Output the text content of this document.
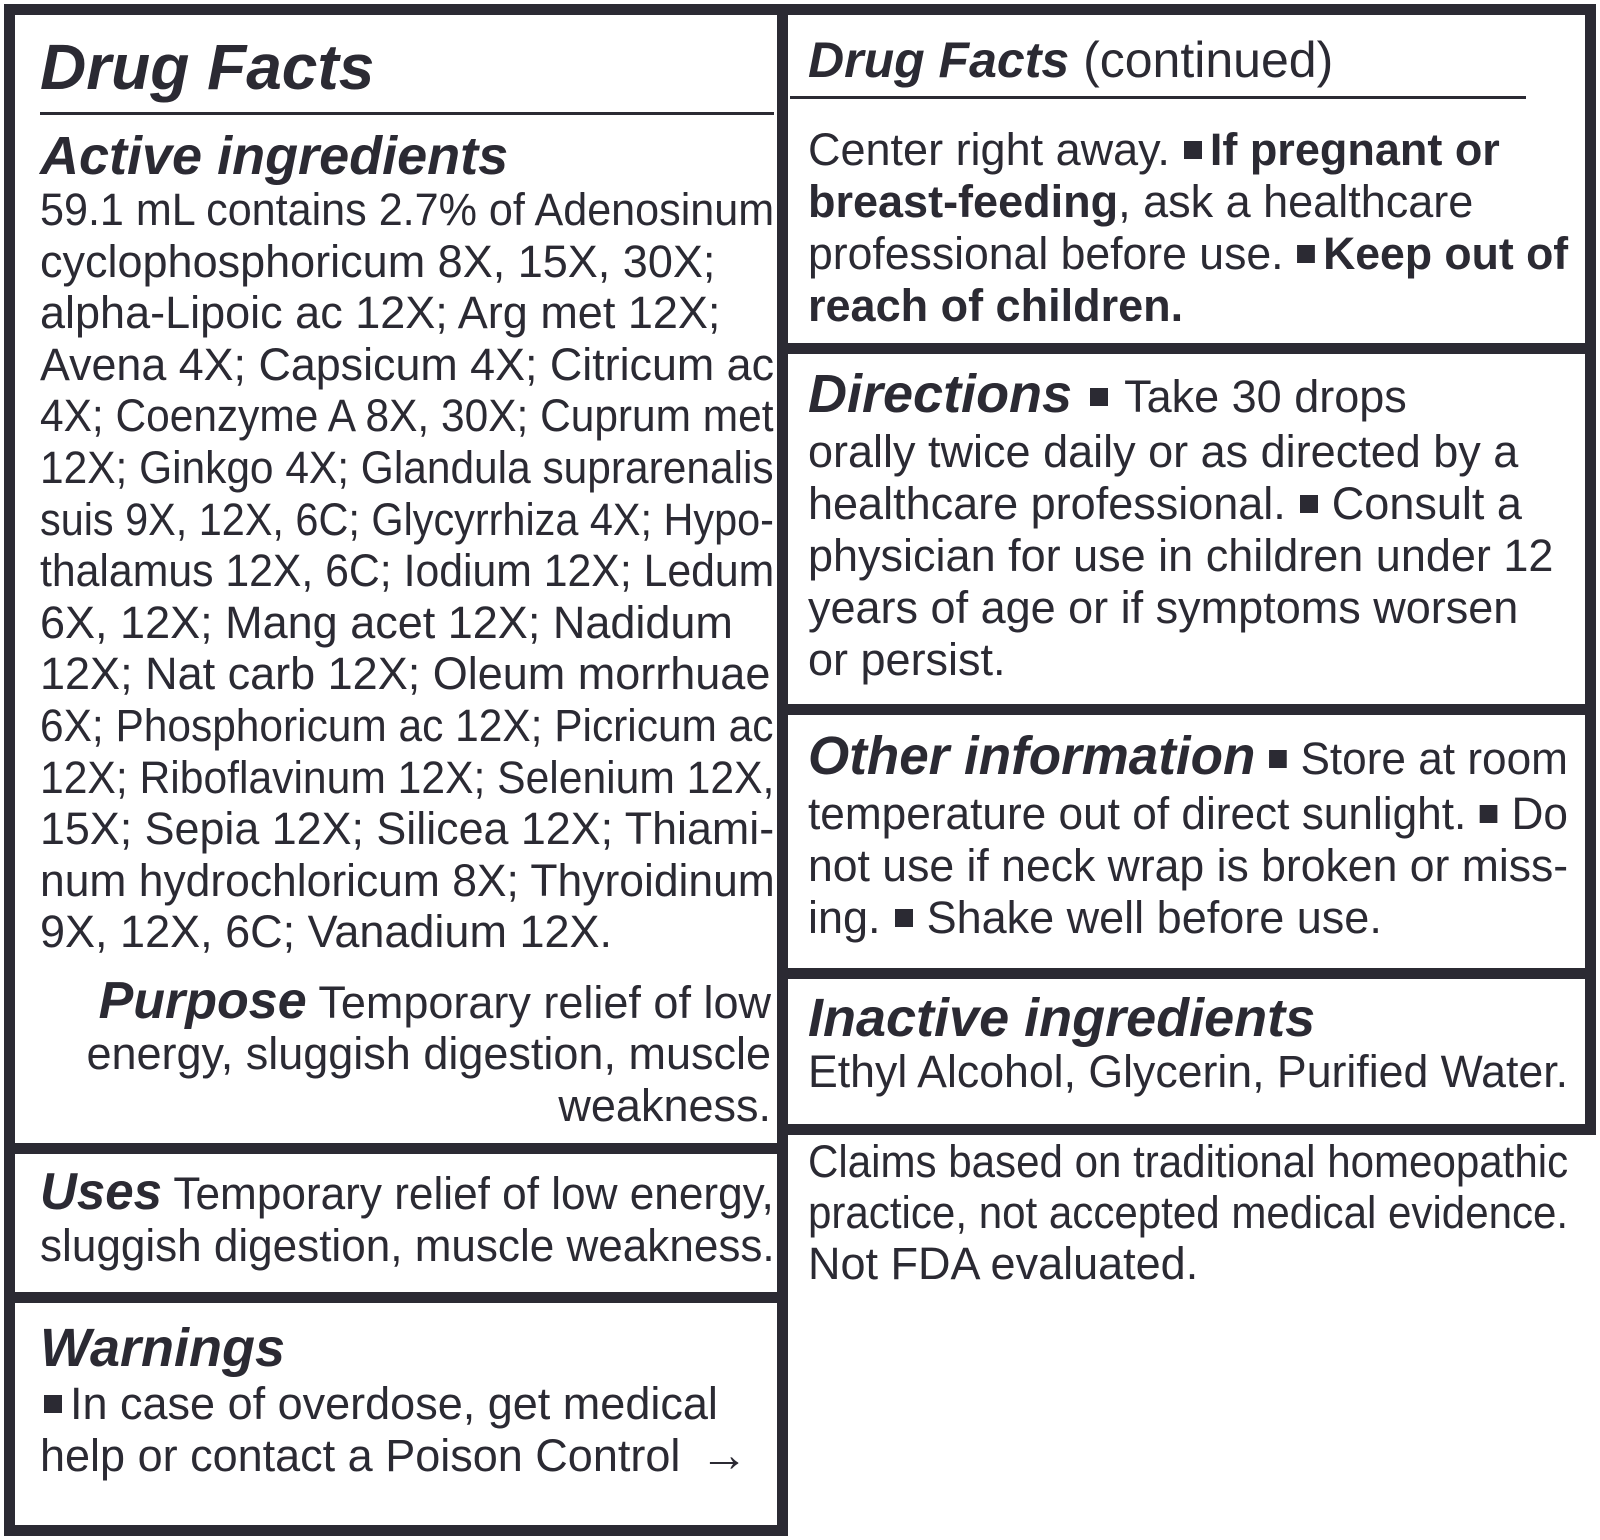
Drug Facts
Active ingredients
59.1 mL contains 2.7% of Adenosinum
cyclophosphoricum 8X, 15X, 30X;
alpha-Lipoic ac 12X; Arg met 12X;
Avena 4X; Capsicum 4X; Citricum ac
4X; Coenzyme A 8X, 30X; Cuprum met
12X; Ginkgo 4X; Glandula suprarenalis
suis 9X, 12X, 6C; Glycyrrhiza 4X; Hypo-
thalamus 12X, 6C; Iodium 12X; Ledum
6X, 12X; Mang acet 12X; Nadidum
12X; Nat carb 12X; Oleum morrhuae
6X; Phosphoricum ac 12X; Picricum ac
12X; Riboflavinum 12X; Selenium 12X,
15X; Sepia 12X; Silicea 12X; Thiami-
num hydrochloricum 8X; Thyroidinum
9X, 12X, 6C; Vanadium 12X.
Purpose Temporary relief of low
energy, sluggish digestion, muscle
weakness.
Uses Temporary relief of low energy,
sluggish digestion, muscle weakness.
Warnings
In case of overdose, get medical
help or contact a Poison Control →
Drug Facts (continued)
Center right away. If pregnant or
breast-feeding, ask a healthcare
professional before use. Keep out of
reach of children.
Directions Take 30 drops
orally twice daily or as directed by a
healthcare professional. Consult a
physician for use in children under 12
years of age or if symptoms worsen
or persist.
Other information Store at room
temperature out of direct sunlight. Do
not use if neck wrap is broken or miss-
ing. Shake well before use.
Inactive ingredients
Ethyl Alcohol, Glycerin, Purified Water.
Claims based on traditional homeopathic
practice, not accepted medical evidence.
Not FDA evaluated.
